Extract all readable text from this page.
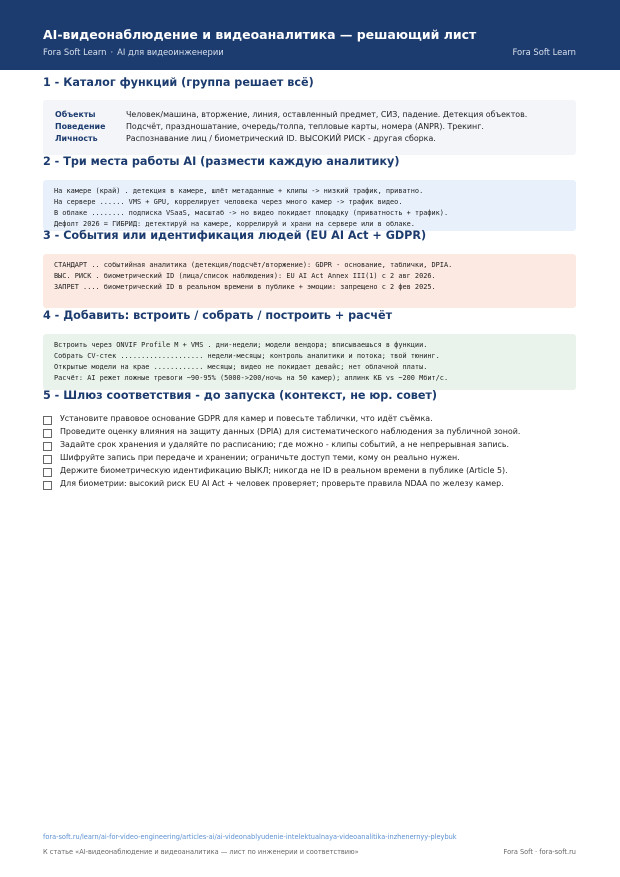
AI-видеонаблюдение и видеоаналитика — решающий лист
Fora Soft Learn · AI для видеоинженерии	Fora Soft Learn
1 - Каталог функций (группа решает всё)
Объекты	Человек/машина, вторжение, линия, оставленный предмет, СИЗ, падение. Детекция объектов.
Поведение	Подсчёт, праздношатание, очередь/толпа, тепловые карты, номера (ANPR). Трекинг.
Личность	Распознавание лиц / биометрический ID. ВЫСОКИЙ РИСК - другая сборка.
2 - Три места работы AI (размести каждую аналитику)
На камере (край) . детекция в камере, шлёт метаданные + клипы -> низкий трафик, приватно.
На сервере ...... VMS + GPU, коррелирует человека через много камер -> трафик видео.
В облаке ........ подписка VSaaS, масштаб -> но видео покидает площадку (приватность + трафик).
Дефолт 2026 = ГИБРИД: детектируй на камере, коррелируй и храни на сервере или в облаке.
3 - События или идентификация людей (EU AI Act + GDPR)
СТАНДАРТ .. событийная аналитика (детекция/подсчёт/вторжение): GDPR - основание, таблички, DPIA.
ВЫС. РИСК . биометрический ID (лица/список наблюдения): EU AI Act Annex III(1) с 2 авг 2026.
ЗАПРЕТ .... биометрический ID в реальном времени в публике + эмоции: запрещено с 2 фев 2025.
4 - Добавить: встроить / собрать / построить + расчёт
Встроить через ONVIF Profile M + VMS . дни-недели; модели вендора; вписываешься в функции.
Собрать CV-стек .................... недели-месяцы; контроль аналитики и потока; твой тюнинг.
Открытые модели на крае ............ месяцы; видео не покидает девайс; нет облачной платы.
Расчёт: AI режет ложные тревоги ~90-95% (5000->200/ночь на 50 камер); аплинк КБ vs ~200 Мбит/с.
5 - Шлюз соответствия - до запуска (контекст, не юр. совет)
Установите правовое основание GDPR для камер и повесьте таблички, что идёт съёмка.
Проведите оценку влияния на защиту данных (DPIA) для систематического наблюдения за публичной зоной.
Задайте срок хранения и удаляйте по расписанию; где можно - клипы событий, а не непрерывная запись.
Шифруйте запись при передаче и хранении; ограничьте доступ теми, кому он реально нужен.
Держите биометрическую идентификацию ВЫКЛ; никогда не ID в реальном времени в публике (Article 5).
Для биометрии: высокий риск EU AI Act + человек проверяет; проверьте правила NDAA по железу камер.
fora-soft.ru/learn/ai-for-video-engineering/articles-ai/ai-videonablyudenie-intelektualnaya-videoanalitika-inzhenernyy-pleybuk
К статье «AI-видеонаблюдение и видеоаналитика — лист по инженерии и соответствию»	Fora Soft · fora-soft.ru
